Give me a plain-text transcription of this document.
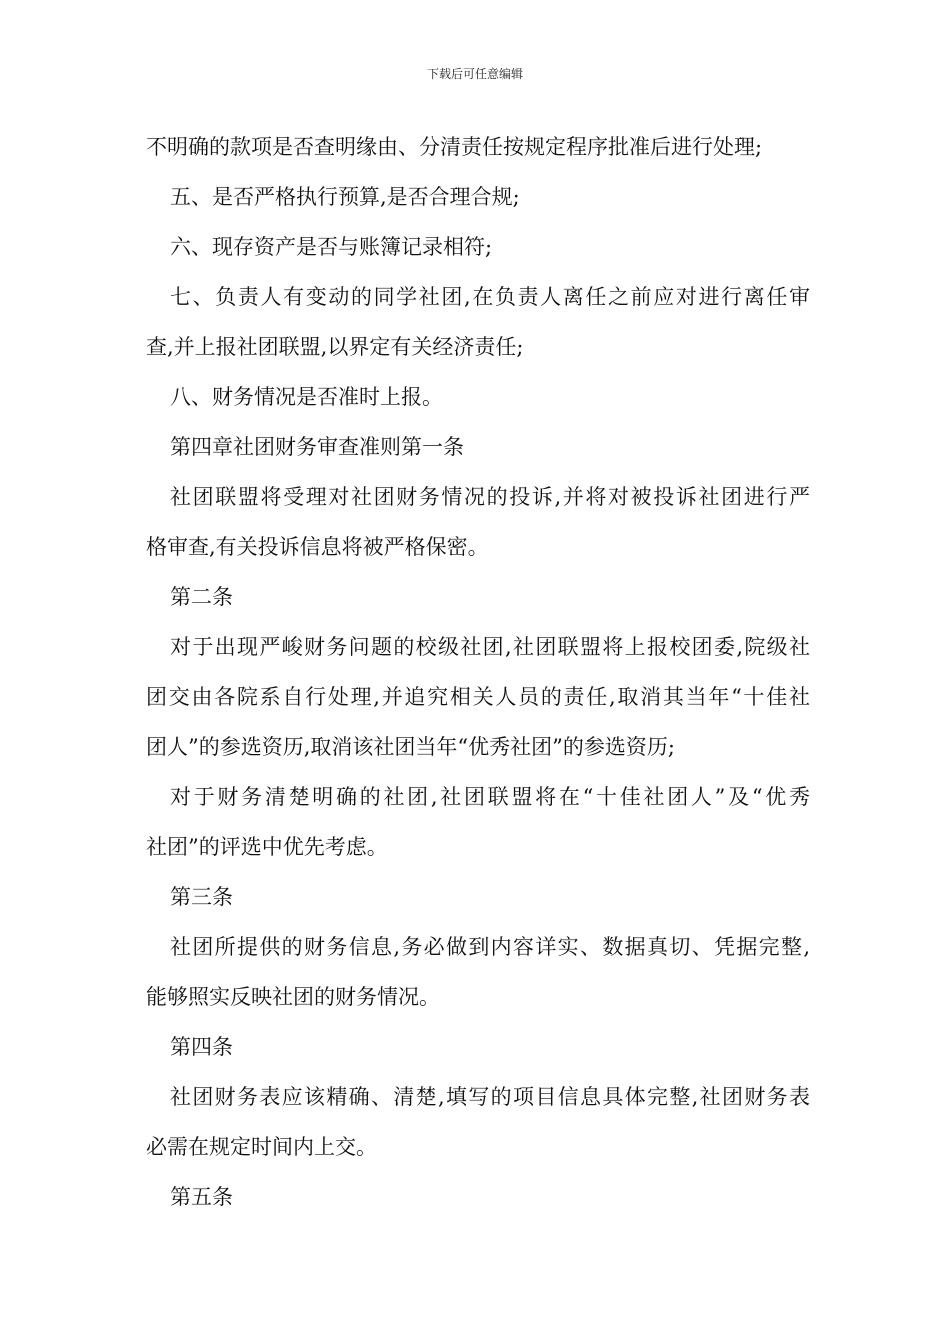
下载后可任意编辑
不明确的款项是否查明缘由、分清责任按规定程序批准后进行处理;
五、是否严格执行预算,是否合理合规;
六、现存资产是否与账簿记录相符;
七、负责人有变动的同学社团,在负责人离任之前应对进行离任审
查,并上报社团联盟,以界定有关经济责任;
八、财务情况是否准时上报。
第四章社团财务审查准则第一条
社团联盟将受理对社团财务情况的投诉,并将对被投诉社团进行严
格审查,有关投诉信息将被严格保密。
第二条
对于出现严峻财务问题的校级社团,社团联盟将上报校团委,院级社
团交由各院系自行处理,并追究相关人员的责任,取消其当年“十佳社
团人”的参选资历,取消该社团当年“优秀社团”的参选资历;
对于财务清楚明确的社团,社团联盟将在“十佳社团人”及“优秀
社团”的评选中优先考虑。
第三条
社团所提供的财务信息,务必做到内容详实、数据真切、凭据完整,
能够照实反映社团的财务情况。
第四条
社团财务表应该精确、清楚,填写的项目信息具体完整,社团财务表
必需在规定时间内上交。
第五条
